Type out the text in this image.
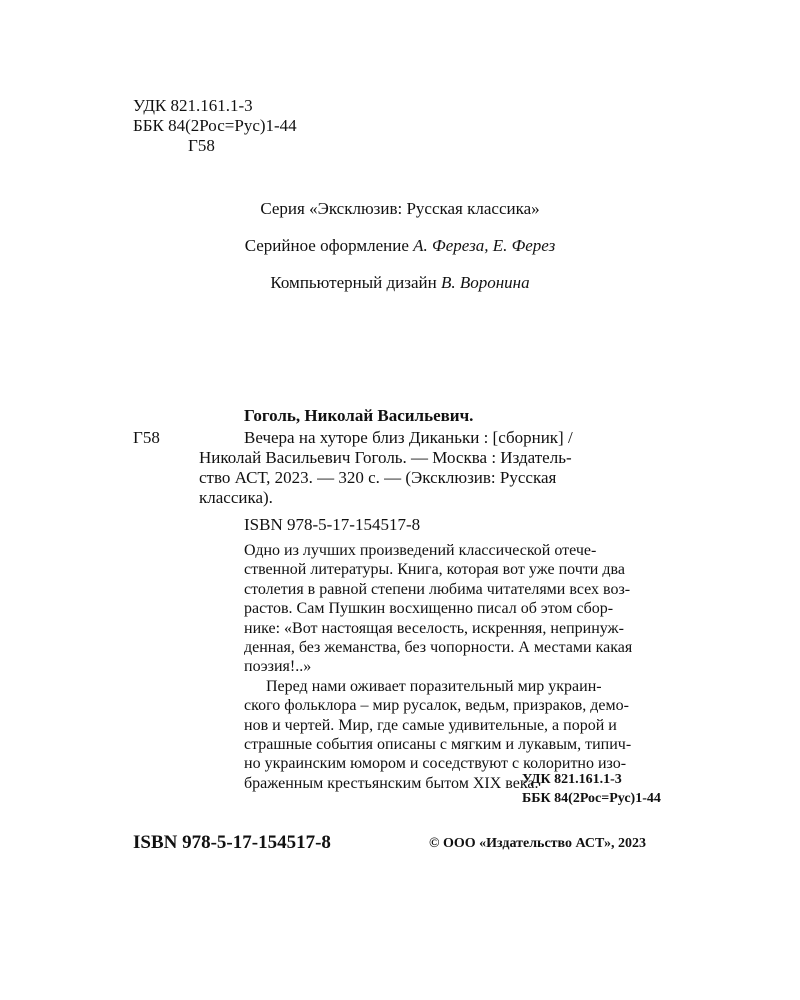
УДК 821.161.1-3
ББК 84(2Рос=Рус)1-44
Г58
Серия «Эксклюзив: Русская классика»
Серийное оформление А. Фереза, Е. Ферез
Компьютерный дизайн В. Воронина
Гоголь, Николай Васильевич.
Г58	Вечера на хуторе близ Диканьки : [сборник] /
Николай Васильевич Гоголь. — Москва : Издатель-
ство АСТ, 2023. — 320 с. — (Эксклюзив: Русская
классика).
ISBN 978-5-17-154517-8

Одно из лучших произведений классической отече-
ственной литературы. Книга, которая вот уже почти два
столетия в равной степени любима читателями всех воз-
растов. Сам Пушкин восхищенно писал об этом сбор-
нике: «Вот настоящая веселость, искренняя, непринуж-
денная, без жеманства, без чопорности. А местами какая
поэзия!..»

Перед нами оживает поразительный мир украин-
ского фольклора – мир русалок, ведьм, призраков, демо-
нов и чертей. Мир, где самые удивительные, а порой и
страшные события описаны с мягким и лукавым, типич-
но украинским юмором и соседствуют с колоритно изо-
браженным крестьянским бытом XIX века.

УДК 821.161.1-3
ББК 84(2Рос=Рус)1-44
ISBN 978-5-17-154517-8	© ООО «Издательство АСТ», 2023
